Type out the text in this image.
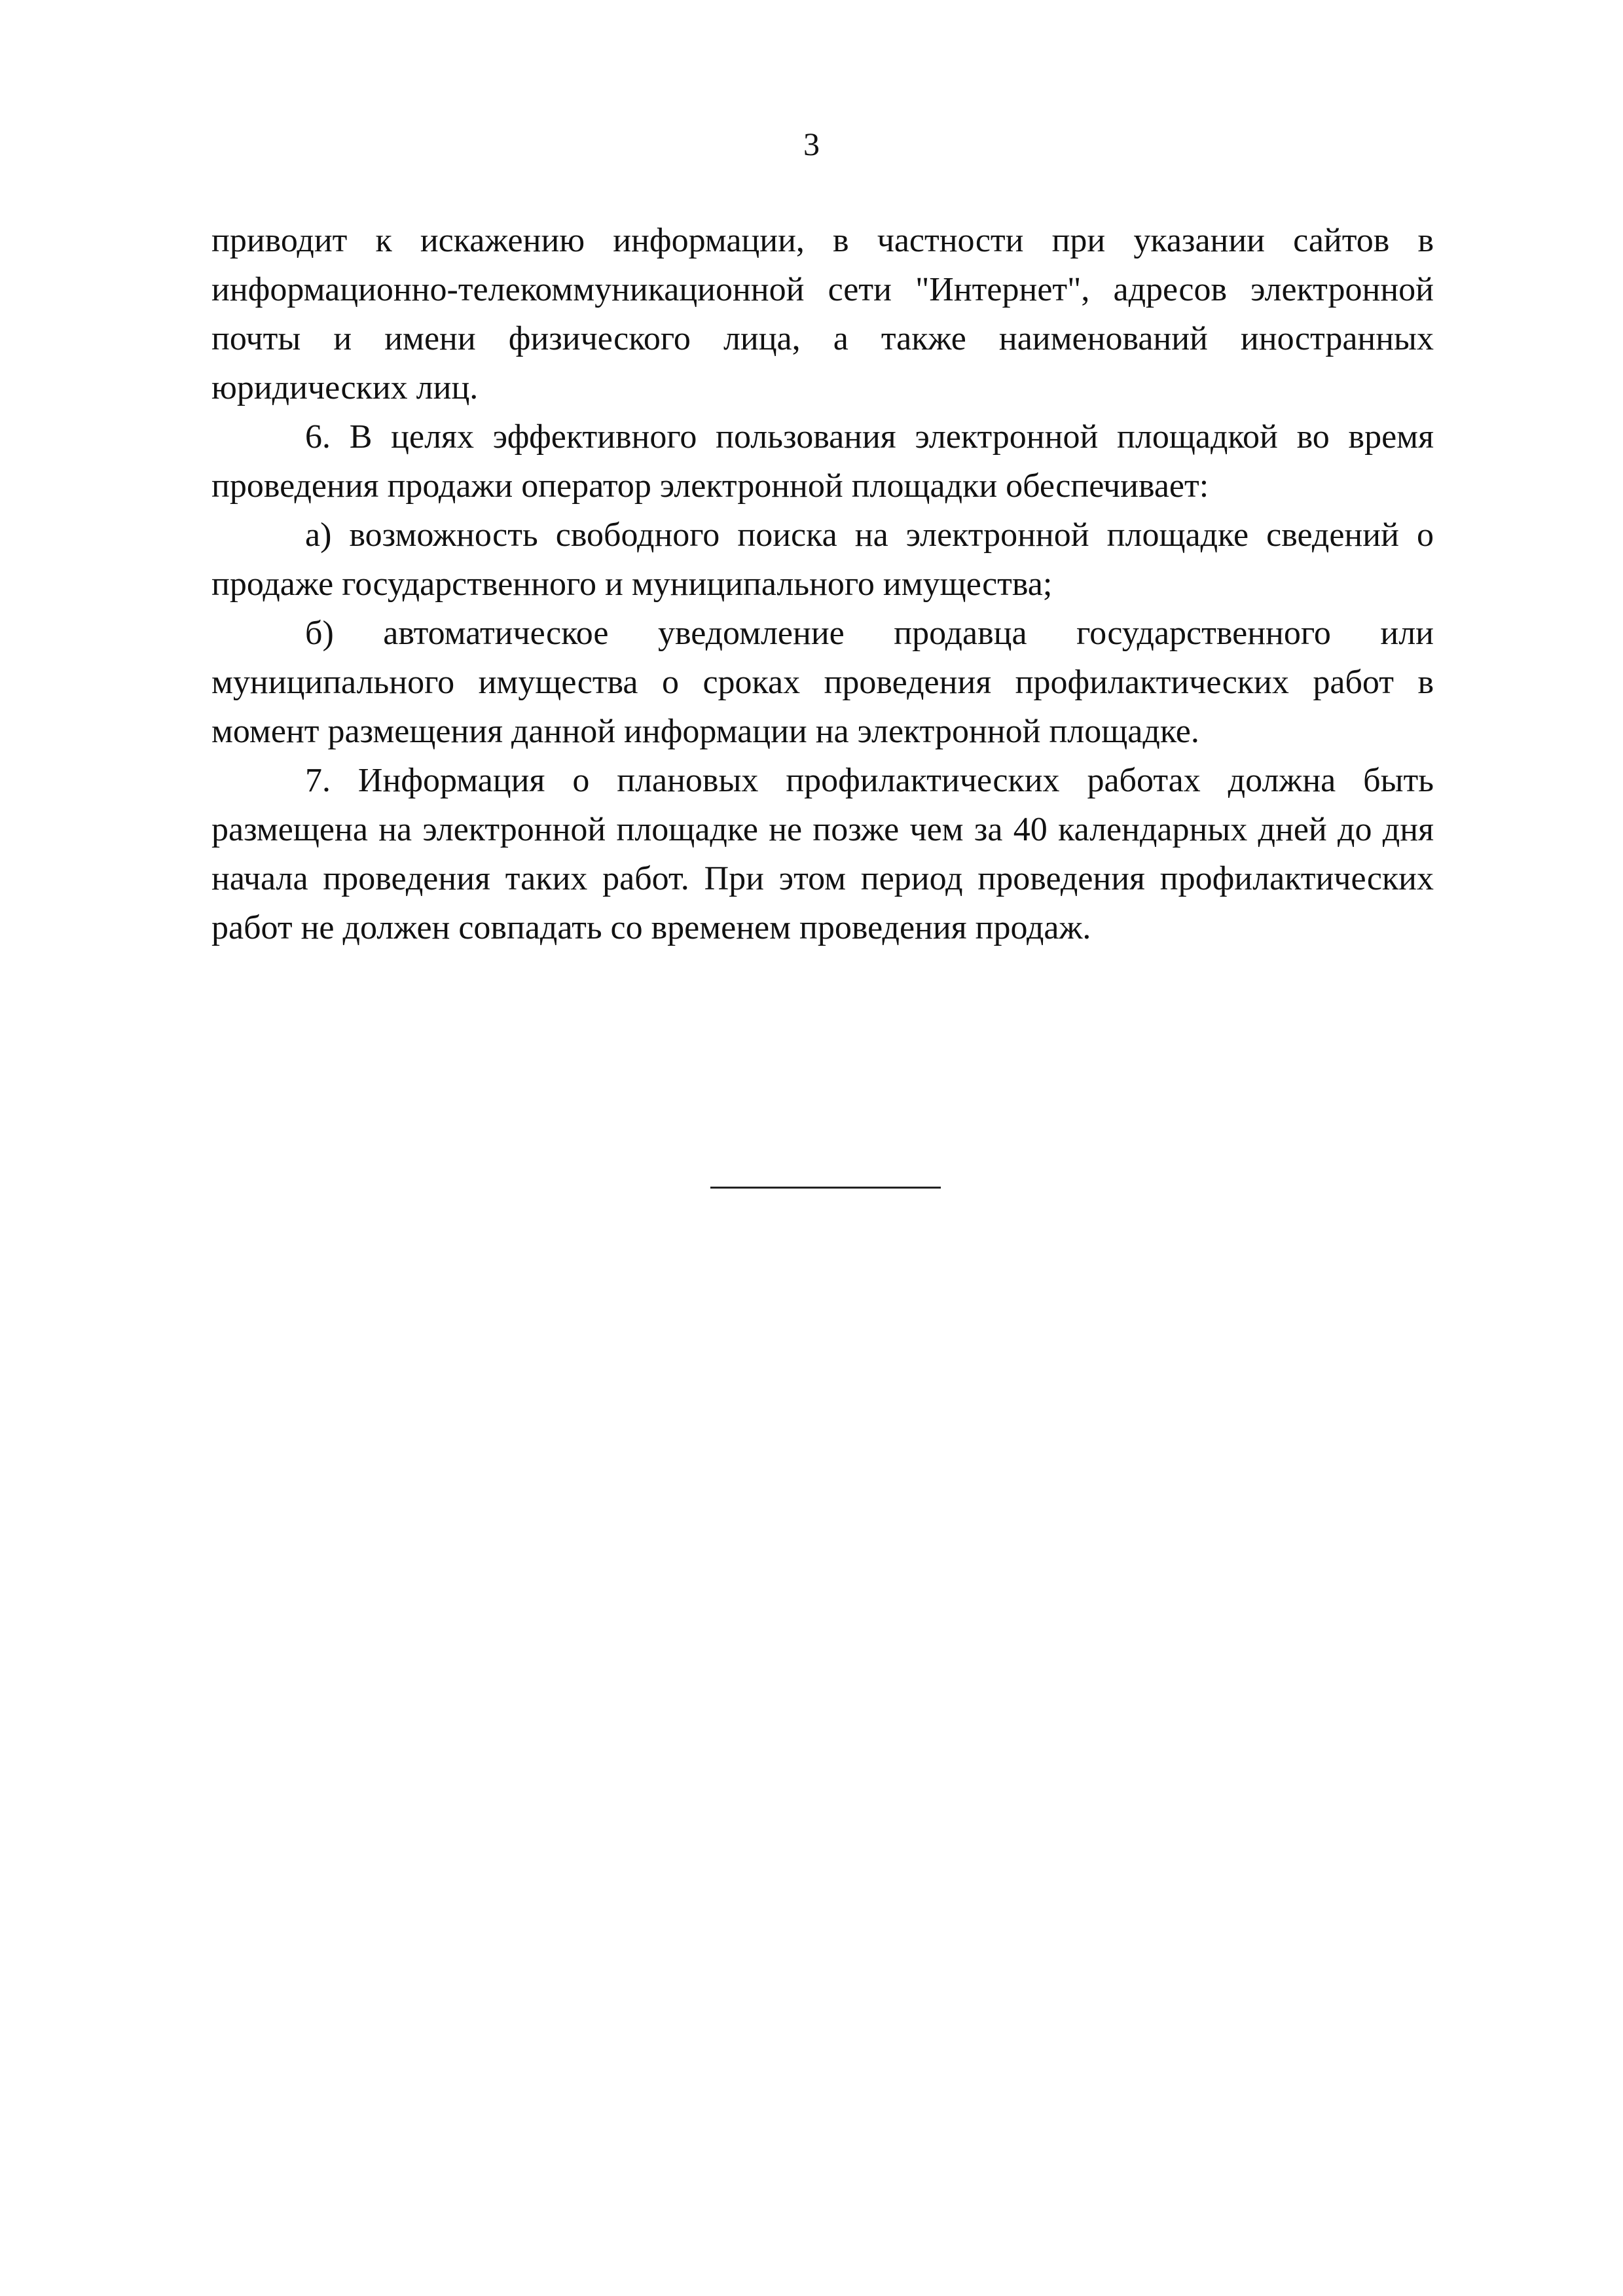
3

приводит к искажению информации, в частности при указании сайтов в информационно-телекоммуникационной сети "Интернет", адресов электронной почты и имени физического лица, а также наименований иностранных юридических лиц.

6. В целях эффективного пользования электронной площадкой во время проведения продажи оператор электронной площадки обеспечивает:

а) возможность свободного поиска на электронной площадке сведений о продаже государственного и муниципального имущества;

б) автоматическое уведомление продавца государственного или муниципального имущества о сроках проведения профилактических работ в момент размещения данной информации на электронной площадке.

7. Информация о плановых профилактических работах должна быть размещена на электронной площадке не позже чем за 40 календарных дней до дня начала проведения таких работ. При этом период проведения профилактических работ не должен совпадать со временем проведения продаж.
